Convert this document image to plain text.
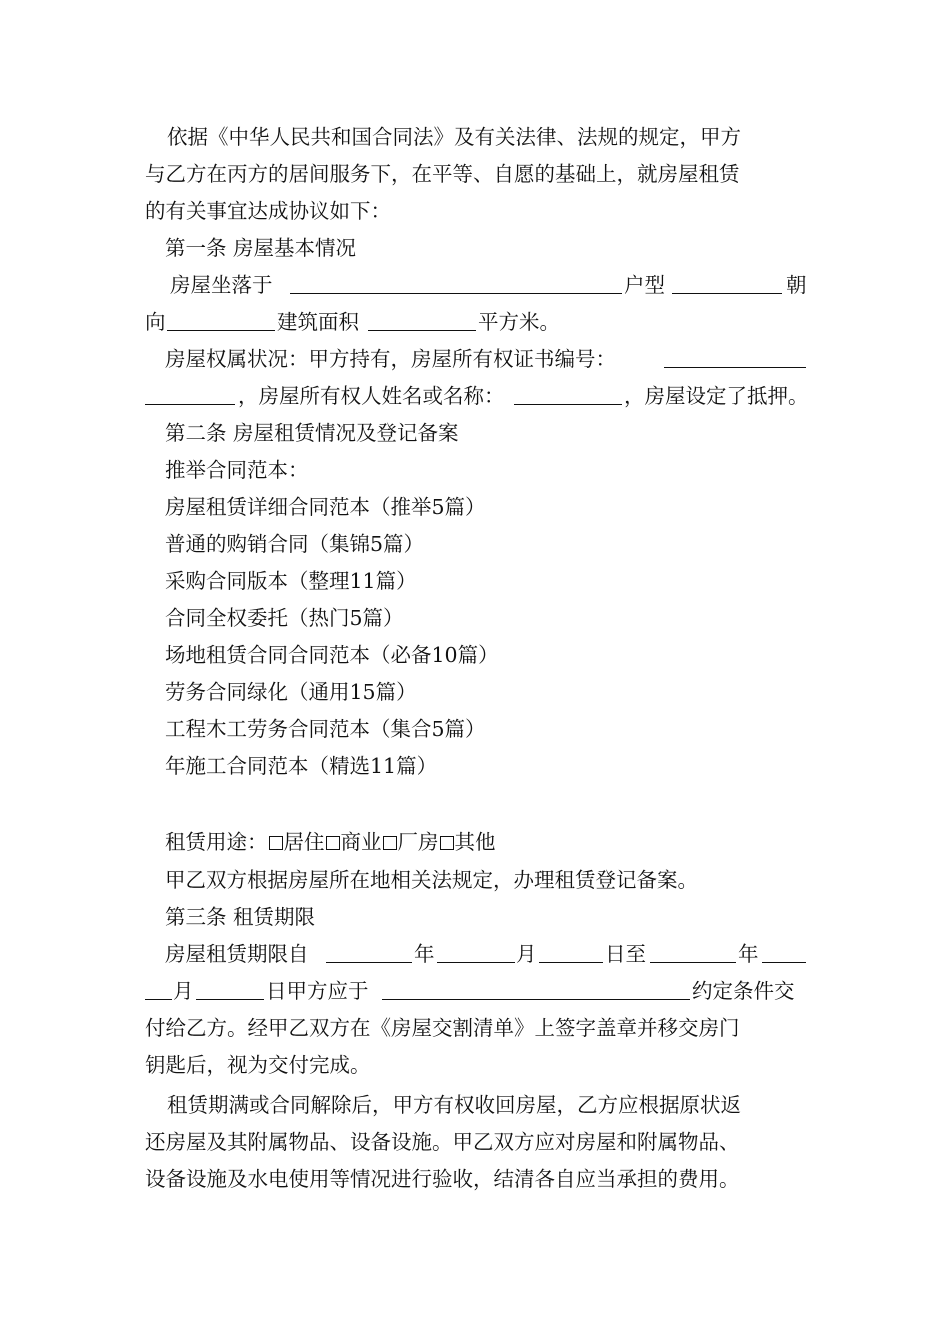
依据《中华人民共和国合同法》及有关法律、法规的规定，甲方
与乙方在丙方的居间服务下，在平等、自愿的基础上，就房屋租赁
的有关事宜达成协议如下：
第一条 房屋基本情况
房屋坐落于	户型	朝
向	建筑面积	平方米。
房屋权属状况：甲方持有，房屋所有权证书编号：
，房屋所有权人姓名或名称：	，房屋设定了抵押。
第二条 房屋租赁情况及登记备案
推举合同范本：
房屋租赁详细合同范本（推举5篇）
普通的购销合同（集锦5篇）
采购合同版本（整理11篇）
合同全权委托（热门5篇）
场地租赁合同合同范本（必备10篇）
劳务合同绿化（通用15篇）
工程木工劳务合同范本（集合5篇）
年施工合同范本（精选11篇）
租赁用途： 居住 商业 厂房 其他
甲乙双方根据房屋所在地相关法规定，办理租赁登记备案。
第三条 租赁期限
房屋租赁期限自	年	月	日至	年
月	日甲方应于	约定条件交
付给乙方。经甲乙双方在《房屋交割清单》上签字盖章并移交房门
钥匙后，视为交付完成。
租赁期满或合同解除后，甲方有权收回房屋，乙方应根据原状返
还房屋及其附属物品、设备设施。甲乙双方应对房屋和附属物品、
设备设施及水电使用等情况进行验收，结清各自应当承担的费用。
